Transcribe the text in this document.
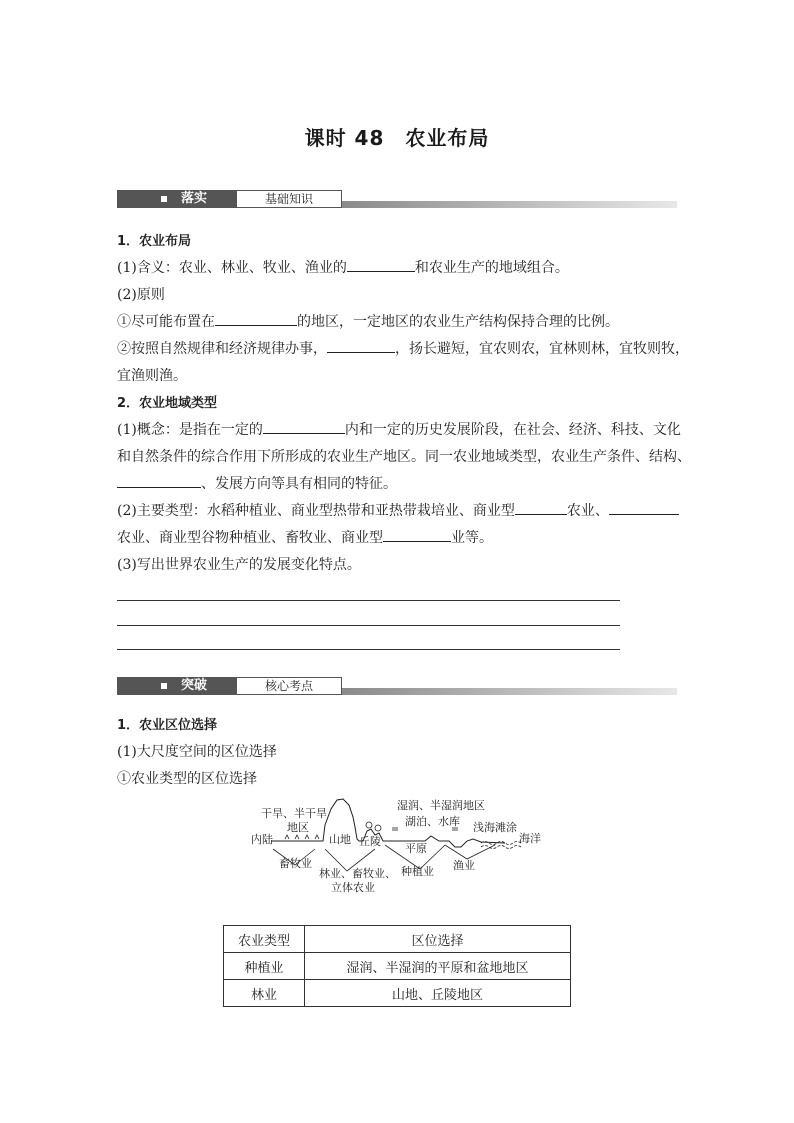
课时 48　农业布局
落实	基础知识
1．农业布局
(1)含义：农业、林业、牧业、渔业的	和农业生产的地域组合。
(2)原则
①尽可能布置在	的地区，一定地区的农业生产结构保持合理的比例。
②按照自然规律和经济规律办事，	，扬长避短，宜农则农，宜林则林，宜牧则牧，
宜渔则渔。
2．农业地域类型
(1)概念：是指在一定的	内和一定的历史发展阶段，在社会、经济、科技、文化
和自然条件的综合作用下所形成的农业生产地区。同一农业地域类型，农业生产条件、结构、
、发展方向等具有相同的特征。
(2)主要类型：水稻种植业、商业型热带和亚热带栽培业、商业型	农业、
农业、商业型谷物种植业、畜牧业、商业型	业等。
(3)写出世界农业生产的发展变化特点。
突破	核心考点
1．农业区位选择
(1)大尺度空间的区位选择
①农业类型的区位选择
干旱、半干旱
地区
内陆	山地 丘陵
湿润、半湿润地区
湖泊、水库
平原
浅海滩涂
海洋
畜牧业
林业、畜牧业、
立体农业
种植业 渔业
农业类型	区位选择
种植业	湿润、半湿润的平原和盆地地区
林业	山地、丘陵地区
